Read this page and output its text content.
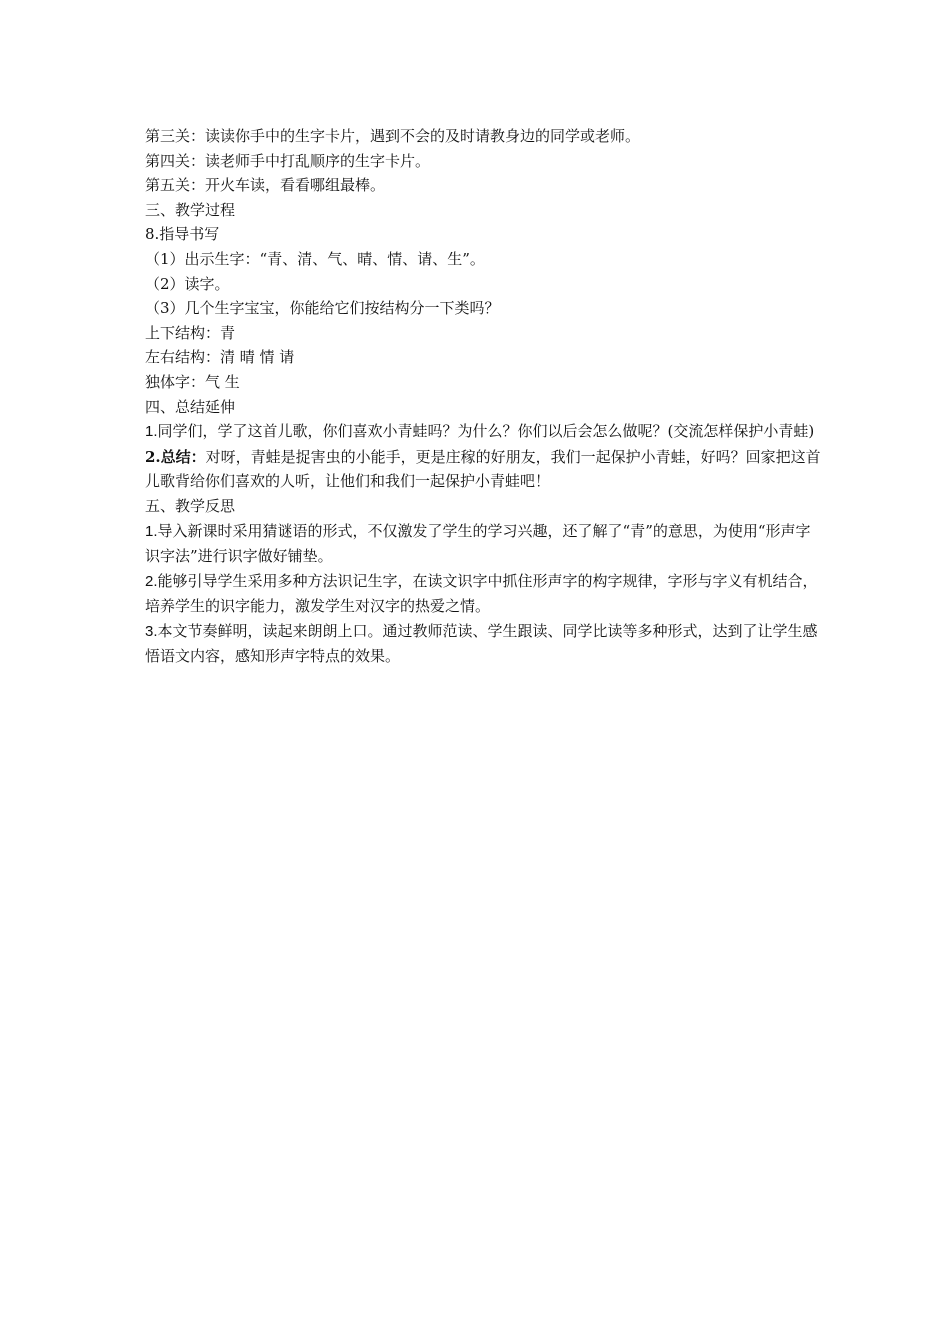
第三关：读读你手中的生字卡片，遇到不会的及时请教身边的同学或老师。

第四关：读老师手中打乱顺序的生字卡片。

第五关：开火车读，看看哪组最棒。

三、教学过程

8.指导书写

（1）出示生字：“青、清、气、晴、情、请、生”。

（2）读字。

（3）几个生字宝宝，你能给它们按结构分一下类吗？

上下结构：青

左右结构：清 晴 情 请

独体字：气 生

四、总结延伸

1.同学们，学了这首儿歌，你们喜欢小青蛙吗？为什么？你们以后会怎么做呢？(交流怎样保护小青蛙)

2.总结：对呀，青蛙是捉害虫的小能手，更是庄稼的好朋友，我们一起保护小青蛙，好吗？回家把这首儿歌背给你们喜欢的人听，让他们和我们一起保护小青蛙吧！

五、教学反思

1.导入新课时采用猜谜语的形式，不仅激发了学生的学习兴趣，还了解了“青”的意思，为使用“形声字识字法”进行识字做好铺垫。

2.能够引导学生采用多种方法识记生字，在读文识字中抓住形声字的构字规律，字形与字义有机结合，培养学生的识字能力，激发学生对汉字的热爱之情。

3.本文节奏鲜明，读起来朗朗上口。通过教师范读、学生跟读、同学比读等多种形式，达到了让学生感悟语文内容，感知形声字特点的效果。
